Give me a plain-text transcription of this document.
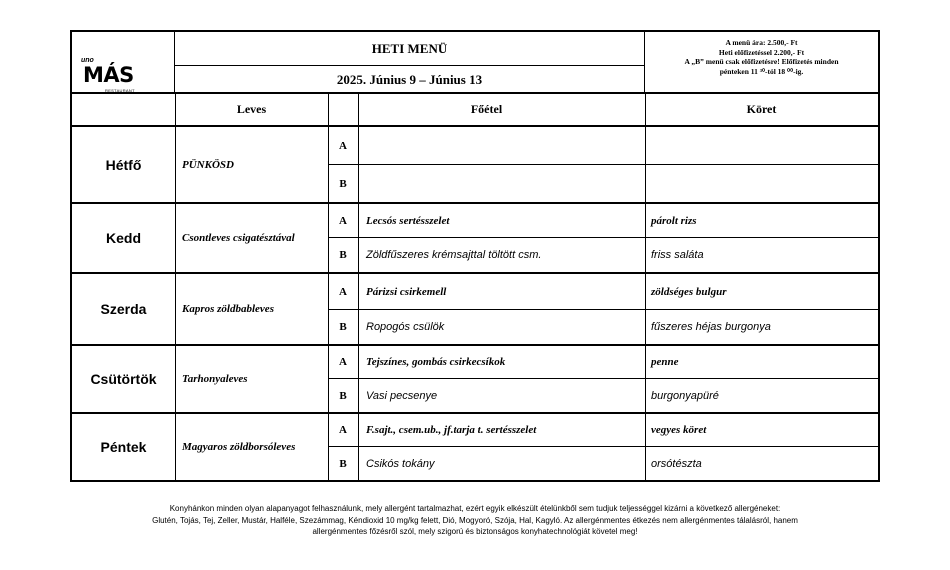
uno
MÁS
RESTAURANT
HETI MENÜ
2025. Június 9 – Június 13
A menü ára: 2.500,- Ft
Heti előfizetéssel 2.200,- Ft
A „B” menü csak előfizetésre! Előfizetés minden
pénteken 11 ³⁰-tól 18 ⁰⁰-ig.
Leves	Főétel	Köret
Hétfő	PÜNKÖSD
A
B
Kedd	Csontleves csigatésztával
A	Lecsós sertésszelet	párolt rizs
B	Zöldfűszeres krémsajttal töltött csm.	friss saláta
Szerda	Kapros zöldbableves
A	Párizsi csirkemell	zöldséges bulgur
B	Ropogós csülök	fűszeres héjas burgonya
Csütörtök	Tarhonyaleves
A	Tejszínes, gombás csirkecsíkok	penne
B	Vasi pecsenye	burgonyapüré
Péntek	Magyaros zöldborsóleves
A	F.sajt., csem.ub., jf.tarja t. sertésszelet	vegyes köret
B	Csikós tokány	orsótészta
Konyhánkon minden olyan alapanyagot felhasználunk, mely allergént tartalmazhat, ezért egyik elkészült ételünkből sem tudjuk teljességgel kizárni a következő allergéneket:
Glutén, Tojás, Tej, Zeller, Mustár, Halféle, Szezámmag, Kéndioxid 10 mg/kg felett, Dió, Mogyoró, Szója, Hal, Kagyló. Az allergénmentes étkezés nem allergénmentes tálalásról, hanem
allergénmentes főzésről szól, mely szigorú és biztonságos konyhatechnológiát követel meg!
